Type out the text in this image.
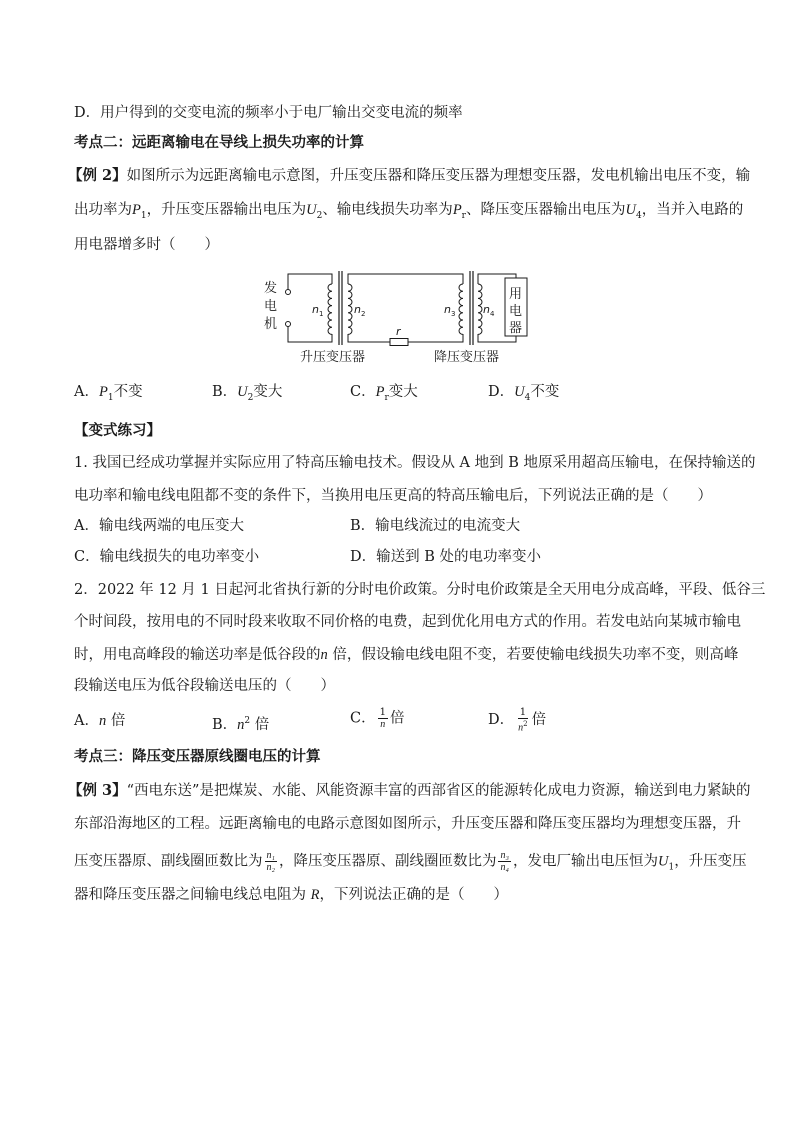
D．用户得到的交变电流的频率小于电厂输出交变电流的频率
考点二：远距离输电在导线上损失功率的计算
【例 2】如图所示为远距离输电示意图，升压变压器和降压变压器为理想变压器，发电机输出电压不变，输
出功率为$P_1$，升压变压器输出电压为$U_2$、输电线损失功率为$P_r$、降压变压器输出电压为$U_4$，当并入电路的
用电器增多时（　　）
发
电
机
用
电
器
n 1	n 2	n 3	n 4
r
升压变压器	降压变压器
A．$P_1$不变	B．$U_2$变大	C．$P_r$变大	D．$U_4$不变
【变式练习】
1. 我国已经成功掌握并实际应用了特高压输电技术。假设从 A 地到 B 地原采用超高压输电，在保持输送的
电功率和输电线电阻都不变的条件下，当换用电压更高的特高压输电后，下列说法正确的是（　　）
A．输电线两端的电压变大	B．输电线流过的电流变大
C．输电线损失的电功率变小	D．输送到 B 处的电功率变小
2．2022 年 12 月 1 日起河北省执行新的分时电价政策。分时电价政策是全天用电分成高峰，平段、低谷三
个时间段，按用电的不同时段来收取不同价格的电费，起到优化用电方式的作用。若发电站向某城市输电
时，用电高峰段的输送功率是低谷段的n 倍，假设输电线电阻不变，若要使输电线损失功率不变，则高峰
段输送电压为低谷段输送电压的（　　）
A．n 倍	B．$n^2$ 倍	C． $\frac{1}{n}$ 倍	D． $\frac{1}{n^2}$ 倍
考点三：降压变压器原线圈电压的计算
【例 3】“西电东送”是把煤炭、水能、风能资源丰富的西部省区的能源转化成电力资源，输送到电力紧缺的
东部沿海地区的工程。远距离输电的电路示意图如图所示，升压变压器和降压变压器均为理想变压器，升
压变压器原、副线圈匝数比为 $\frac{\text{n₁}}{\text{n₂}}$ ，降压变压器原、副线圈匝数比为 $\frac{\text{n₃}}{\text{n₄}}$ ，发电厂输出电压恒为$U_1$，升压变压
器和降压变压器之间输电线总电阻为 R，下列说法正确的是（　　）
